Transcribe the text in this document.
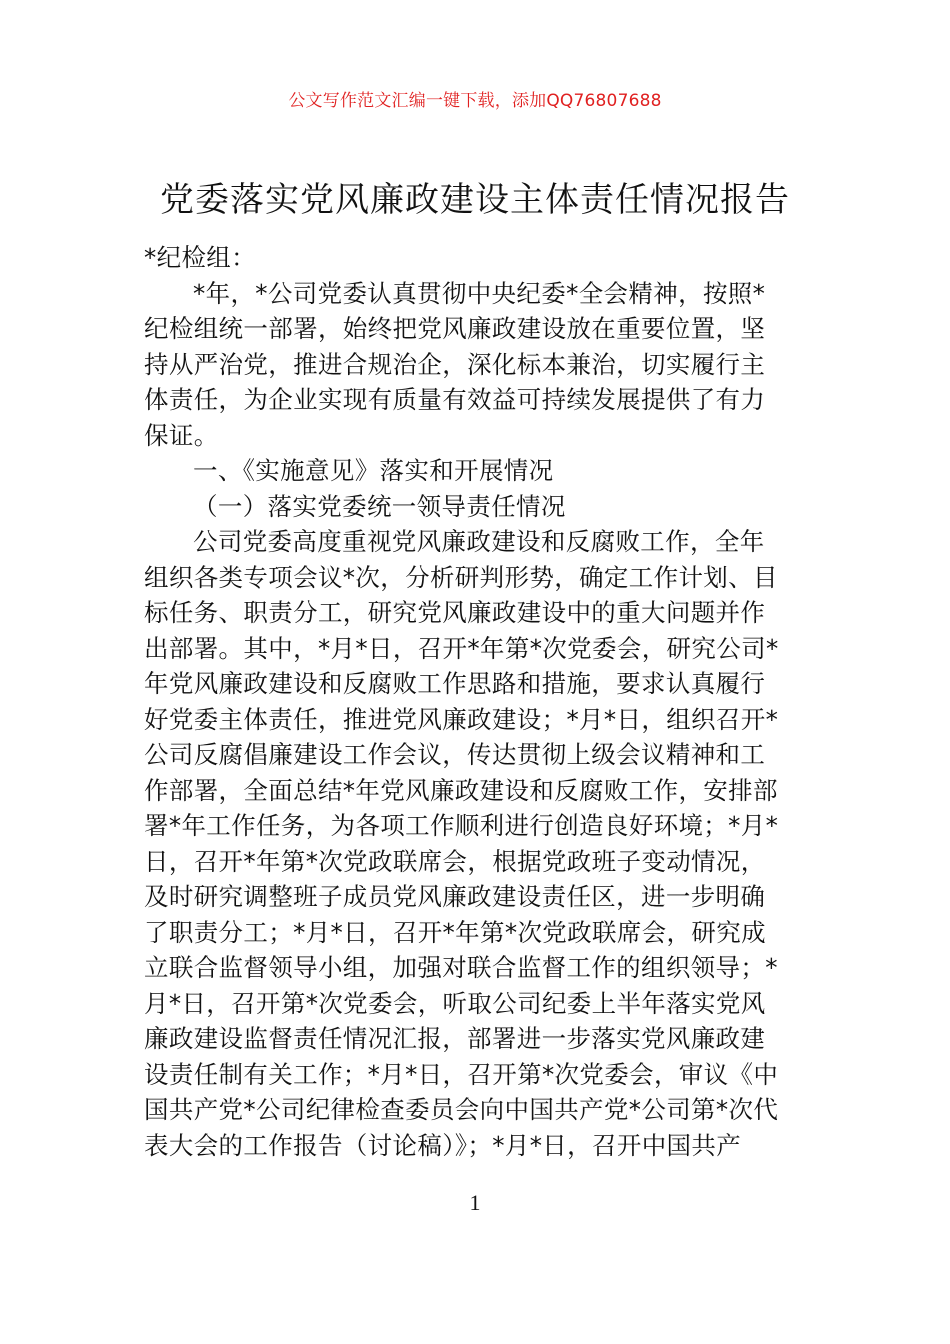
公文写作范文汇编一键下载，添加QQ76807688
党委落实党风廉政建设主体责任情况报告
*纪检组：
*年，*公司党委认真贯彻中央纪委*全会精神，按照*
纪检组统一部署，始终把党风廉政建设放在重要位置，坚
持从严治党，推进合规治企，深化标本兼治，切实履行主
体责任，为企业实现有质量有效益可持续发展提供了有力
保证。
一、《实施意见》落实和开展情况
（一）落实党委统一领导责任情况
公司党委高度重视党风廉政建设和反腐败工作，全年
组织各类专项会议*次，分析研判形势，确定工作计划、目
标任务、职责分工，研究党风廉政建设中的重大问题并作
出部署。其中，*月*日，召开*年第*次党委会，研究公司*
年党风廉政建设和反腐败工作思路和措施，要求认真履行
好党委主体责任，推进党风廉政建设；*月*日，组织召开*
公司反腐倡廉建设工作会议，传达贯彻上级会议精神和工
作部署，全面总结*年党风廉政建设和反腐败工作，安排部
署*年工作任务，为各项工作顺利进行创造良好环境；*月*
日，召开*年第*次党政联席会，根据党政班子变动情况，
及时研究调整班子成员党风廉政建设责任区，进一步明确
了职责分工；*月*日，召开*年第*次党政联席会，研究成
立联合监督领导小组，加强对联合监督工作的组织领导；*
月*日，召开第*次党委会，听取公司纪委上半年落实党风
廉政建设监督责任情况汇报，部署进一步落实党风廉政建
设责任制有关工作；*月*日，召开第*次党委会，审议《中
国共产党*公司纪律检查委员会向中国共产党*公司第*次代
表大会的工作报告（讨论稿）》；*月*日，召开中国共产
1
